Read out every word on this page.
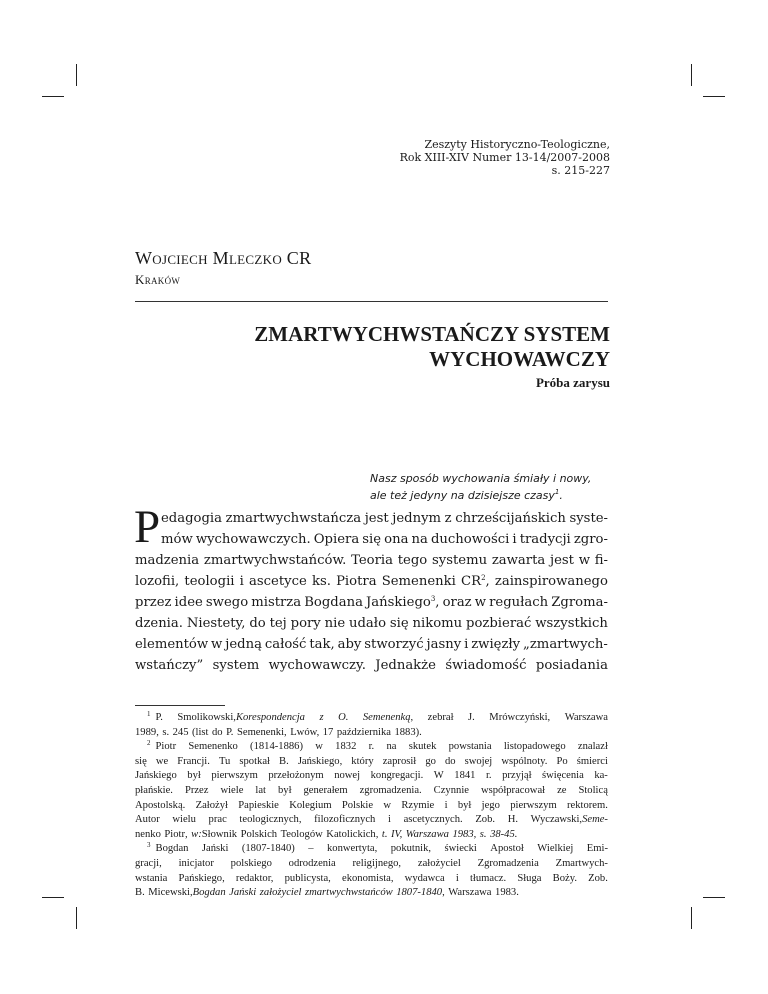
Zeszyty Historyczno-Teologiczne,
Rok XIII-XIV Numer 13-14/2007-2008
s. 215-227
Wojciech Mleczko CR
Kraków
ZMARTWYCHWSTAŃCZY SYSTEM
WYCHOWAWCZY
Próba zarysu
Nasz sposób wychowania śmiały i nowy,
ale też jedyny na dzisiejsze czasy$^1$.
P edagogia zmartwychwstańcza jest jednym z chrześcijańskich syste-
mów wychowawczych. Opiera się ona na duchowości i tradycji zgro-
madzenia zmartwychwstańców. Teoria tego systemu zawarta jest w fi-
lozofii, teologii i ascetyce ks. Piotra Semenenki $CR^2$, zainspirowanego
przez idee swego mistrza Bogdana Jańskiego$^3$, oraz w regułach Zgroma-
dzenia. Niestety, do tej pory nie udało się nikomu pozbierać wszystkich
elementów w jedną całość tak, aby stworzyć jasny i zwięzły „zmartwych-
wstańczy” system wychowawczy. Jednakże świadomość posiadania
$^1$ P. Smolikowski,Korespondencja z O. Semenenką, zebrał J. Mrówczyński, Warszawa
1989, s. 245 (list do P. Semenenki, Lwów, 17 października 1883).
$^2$ Piotr Semenenko (1814-1886) w 1832 r. na skutek powstania listopadowego znalazł
się we Francji. Tu spotkał B. Jańskiego, który zaprosił go do swojej wspólnoty. Po śmierci
Jańskiego był pierwszym przełożonym nowej kongregacji. W 1841 r. przyjął święcenia ka-
płańskie. Przez wiele lat był generałem zgromadzenia. Czynnie współpracował ze Stolicą
Apostolską. Założył Papieskie Kolegium Polskie w Rzymie i był jego pierwszym rektorem.
Autor wielu prac teologicznych, filozoficznych i ascetycznych. Zob. H. Wyczawski,Seme-
nenko Piotr, w:Słownik Polskich Teologów Katolickich, t. IV, Warszawa 1983, s. 38-45.
$^3$ Bogdan Jański (1807-1840) – konwertyta, pokutnik, świecki Apostoł Wielkiej Emi-
gracji, inicjator polskiego odrodzenia religijnego, założyciel Zgromadzenia Zmartwych-
wstania Pańskiego, redaktor, publicysta, ekonomista, wydawca i tłumacz. Sługa Boży. Zob.
B. Micewski,Bogdan Jański założyciel zmartwychwstańców 1807-1840, Warszawa 1983.
